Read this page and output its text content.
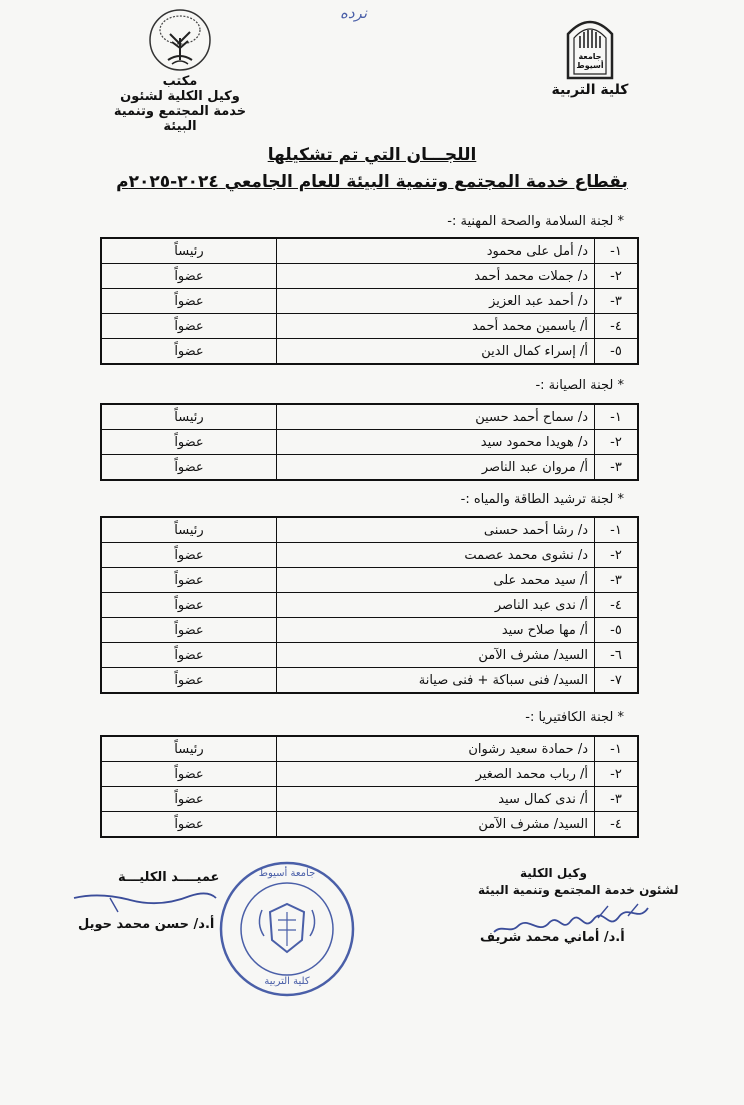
نرده
مكتب
وكيل الكلية لشئون
خدمة المجتمع وتنمية البيئة
جامعة أسيوط
كلية التربية
اللجـــان التي تم تشكيلها
بقطاع خدمة المجتمع وتنمية البيئة للعام الجامعي ٢٠٢٤-٢٠٢٥م
* لجنة السلامة والصحة المهنية :-
١-	د/ أمل على محمود	رئيساً
٢-	د/ جملات محمد أحمد	عضواً
٣-	د/ أحمد عبد العزيز	عضواً
٤-	أ/ ياسمين محمد أحمد	عضواً
٥-	أ/ إسراء كمال الدين	عضواً
* لجنة الصيانة :-
١-	د/ سماح أحمد حسين	رئيساً
٢-	د/ هويدا محمود سيد	عضواً
٣-	أ/ مروان عبد الناصر	عضواً
* لجنة ترشيد الطاقة والمياه :-
١-	د/ رشا أحمد حسنى	رئيساً
٢-	د/ نشوى محمد عصمت	عضواً
٣-	أ/ سيد محمد على	عضواً
٤-	أ/ ندى عبد الناصر	عضواً
٥-	أ/ مها صلاح سيد	عضواً
٦-	السيد/ مشرف الآمن	عضواً
٧-	السيد/ فنى سباكة + فنى صيانة	عضواً
* لجنة الكافتيريا :-
١-	د/ حمادة سعيد رشوان	رئيساً
٢-	أ/ رباب محمد الصغير	عضواً
٣-	أ/ ندى كمال سيد	عضواً
٤-	السيد/ مشرف الآمن	عضواً
وكيل الكلية
لشئون خدمة المجتمع وتنمية البيئة
أ.د/ أماني محمد شريف
عميــــد الكليـــة
أ.د/ حسن محمد حويل
جامعة أسيوط
كلية التربية
